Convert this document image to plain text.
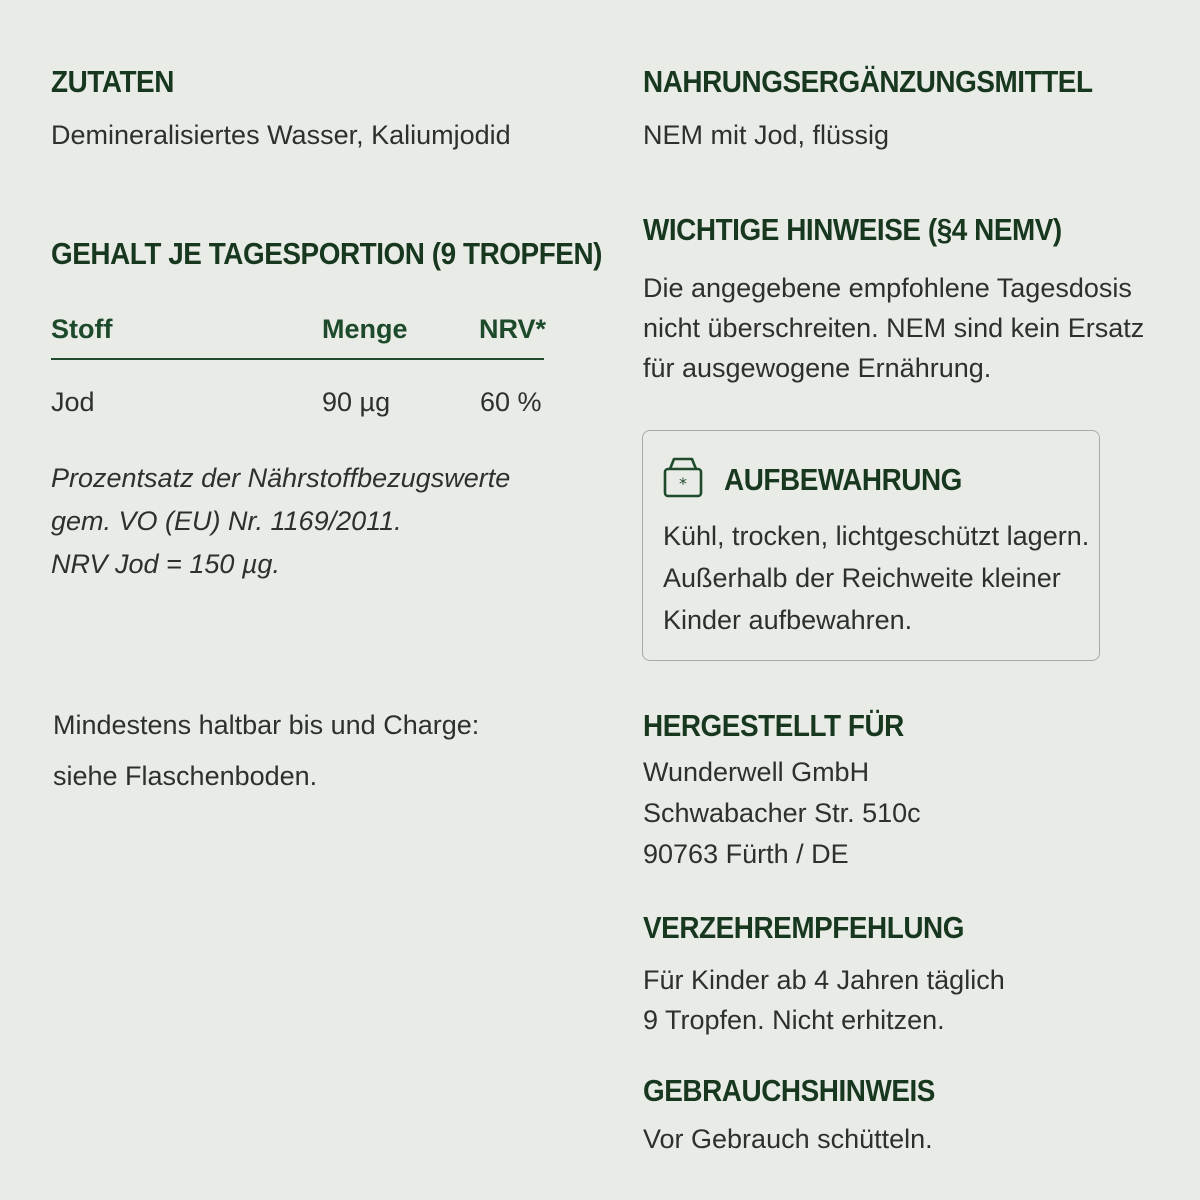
ZUTATEN
Demineralisiertes Wasser, Kaliumjodid
GEHALT JE TAGESPORTION (9 TROPFEN)
Stoff	Menge	NRV*
Jod	90 µg	60 %
Prozentsatz der Nährstoffbezugswerte
gem. VO (EU) Nr. 1169/2011.
NRV Jod = 150 µg.
Mindestens haltbar bis und Charge:
siehe Flaschenboden.
NAHRUNGSERGÄNZUNGSMITTEL
NEM mit Jod, flüssig
WICHTIGE HINWEISE (§4 NEMV)
Die angegebene empfohlene Tagesdosis
nicht überschreiten. NEM sind kein Ersatz
für ausgewogene Ernährung.
* AUFBEWAHRUNG
Kühl, trocken, lichtgeschützt lagern.
Außerhalb der Reichweite kleiner
Kinder aufbewahren.
HERGESTELLT FÜR
Wunderwell GmbH
Schwabacher Str. 510c
90763 Fürth / DE
VERZEHREMPFEHLUNG
Für Kinder ab 4 Jahren täglich
9 Tropfen. Nicht erhitzen.
GEBRAUCHSHINWEIS
Vor Gebrauch schütteln.
